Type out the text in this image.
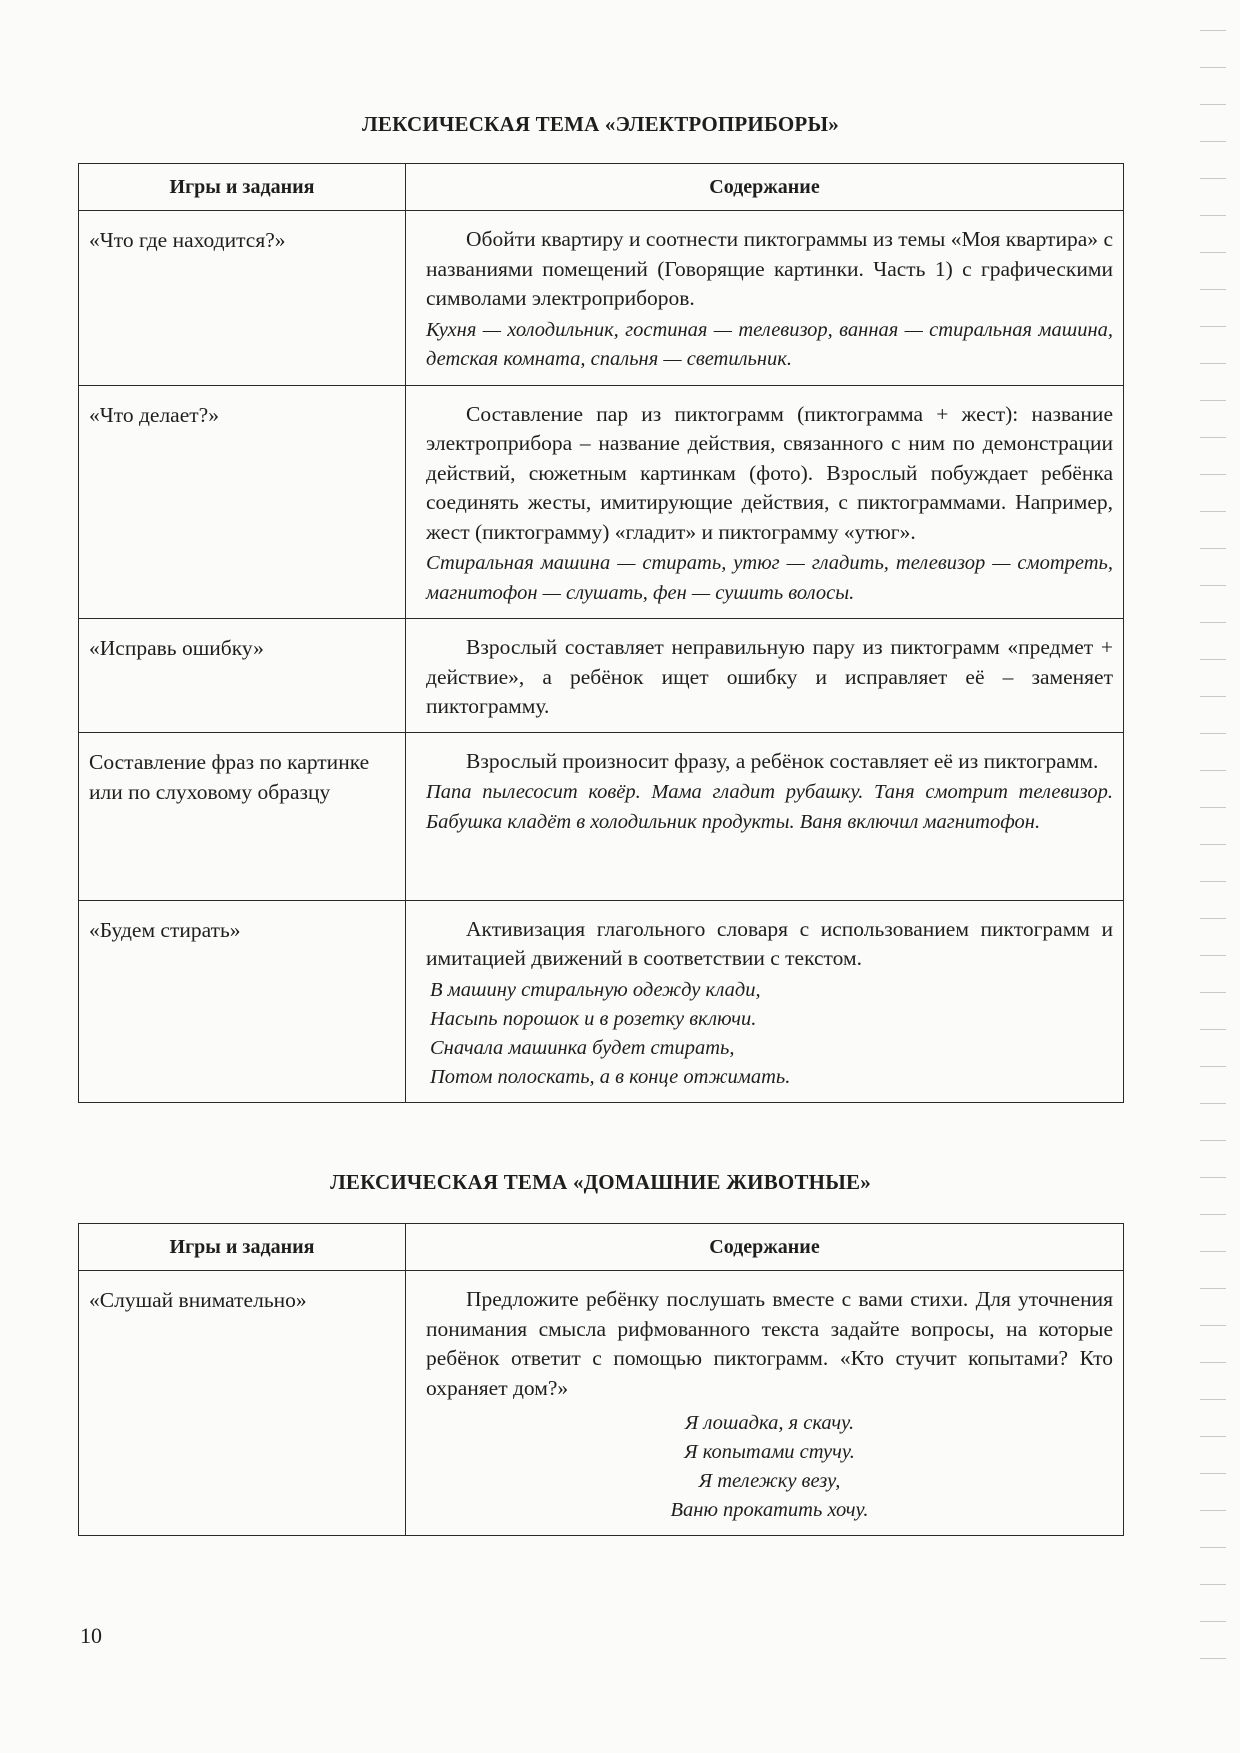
ЛЕКСИЧЕСКАЯ ТЕМА «ЭЛЕКТРОПРИБОРЫ»
Игры и задания	Содержание
«Что где находится?»	Обойти квартиру и соотнести пиктограммы из темы «Моя квартира» с названиями помещений (Говорящие картинки. Часть 1) с графическими символами электроприборов.

Кухня — холодильник, гостиная — телевизор, ванная — стиральная машина, детская комната, спальня — светильник.

«Что делает?»	Составление пар из пиктограмм (пиктограмма + жест): название электроприбора – название действия, связанного с ним по демонстрации действий, сюжетным картинкам (фото). Взрослый побуждает ребёнка соединять жесты, имитирующие действия, с пиктограммами. Например, жест (пиктограмму) «гладит» и пиктограмму «утюг».

Стиральная машина — стирать, утюг — гладить, телевизор — смотреть, магнитофон — слушать, фен — сушить волосы.

«Исправь ошибку»	Взрослый составляет неправильную пару из пиктограмм «предмет + действие», а ребёнок ищет ошибку и исправляет её – заменяет пиктограмму.

Составление фраз по картинке или по слуховому образцу	Взрослый произносит фразу, а ребёнок составляет её из пиктограмм.

Папа пылесосит ковёр. Мама гладит рубашку. Таня смотрит телевизор. Бабушка кладёт в холодильник продукты. Ваня включил магнитофон.

«Будем стирать»	Активизация глагольного словаря с использованием пиктограмм и имитацией движений в соответствии с текстом.

В машину стиральную одежду клади,
Насыпь порошок и в розетку включи.
Сначала машинка будет стирать,
Потом полоскать, а в конце отжимать.
ЛЕКСИЧЕСКАЯ ТЕМА «ДОМАШНИЕ ЖИВОТНЫЕ»
Игры и задания	Содержание
«Слушай внимательно»	Предложите ребёнку послушать вместе с вами стихи. Для уточнения понимания смысла рифмованного текста задайте вопросы, на которые ребёнок ответит с помощью пиктограмм. «Кто стучит копытами? Кто охраняет дом?»

Я лошадка, я скачу.
Я копытами стучу.
Я тележку везу,
Ваню прокатить хочу.
10
